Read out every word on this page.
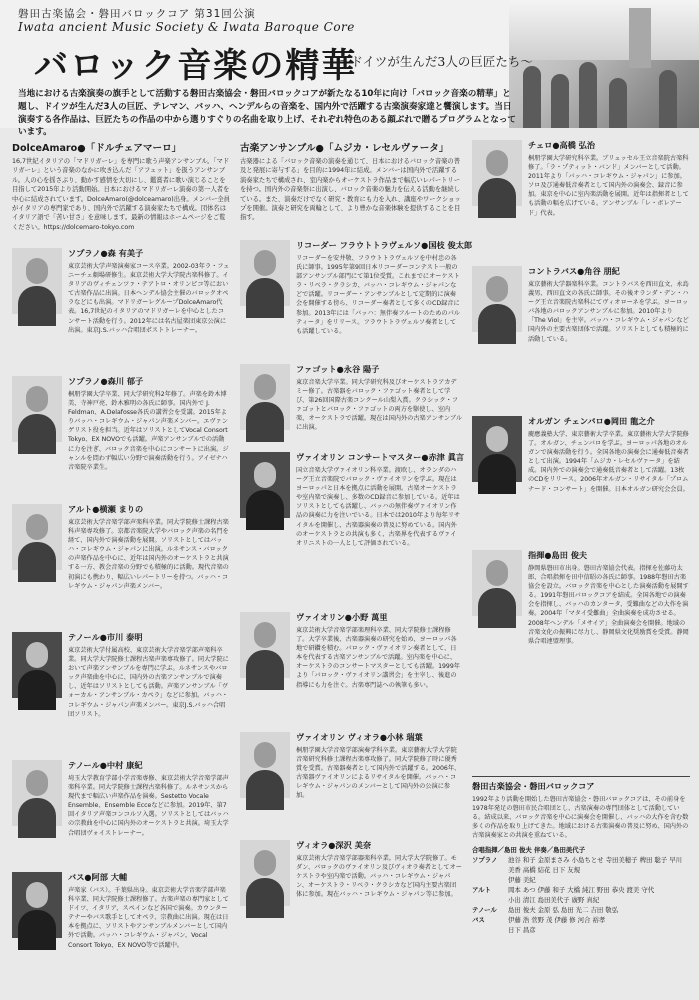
磐田古楽協会・磐田バロックコア 第31回公演
Iwata ancient Music Society & Iwata Baroque Core
バロック音楽の精華
～ドイツが生んだ3人の巨匠たち～
当地における古楽演奏の旗手として活動する磐田古楽協会・磐田バロックコアが新たなる10年に向け「バロック音楽の精華」と題し、ドイツが生んだ3人の巨匠、テレマン、バッハ、ヘンデルらの音楽を、国内外で活躍する古楽演奏家達と饗演します。当日演奏する各作品は、巨匠たちの作品の中から選りすぐりの名曲を取り上げ、それぞれ特色のある顔ぶれで贈るプログラムとなっています。
DolceAmaro●「ドルチェアマーロ」
16,7世紀イタリアの「マドリガーレ」を専門に歌う声楽アンサンブル。「マドリガーレ」という音楽のなかに吹き込んだ「アフェット」を扱うアンサンブル。人の心を揺さぶり、動かす感情を大切にし、鑑賞者に歌い演じることを目指して2015年より活動開始。日本におけるマドリガーレ演奏の第一人者を中心に結成されています。DolceAmaro(@dolceamaro)出身。メンバー全員がイタリアの専門家であり、国内外で活躍する演奏家たちで構成。団体名はイタリア語で「苦い甘さ」を意味します。最新の情報はホームページをご覧ください。https://dolcemaro-tokyo.com
ソプラノ●森 有美子
東京芸術大学声楽演奏家コース卒業。2002-03年ラ・フェニーチェ劇場研修生。東京芸術大学大学院古楽科修了。イタリアのヴィチェンツァ・テアトロ・オリンピコ等において古楽作品に出演。日本ヘンデル協会主催のバロックオペラなどにも出演。マドリガーレグループDolceAmaro代表。16,7世紀のイタリアのマドリガーレを中心としたコンサート活動を行う。2012年には名古屋楽団東京公演に出演。東京J.S.バッハ合唱団ポストトレーナー。
ソプラノ●森川 郁子
桐朋学園大学卒業、同大学研究科2年修了。声楽を鈴木博美、寺神戸亮、鈴木雅明の各氏に師事。国内外で J. Feldman、A.Delafosse各氏の講習会を受講。2015年よりバッハ・コレギウム・ジャパン声楽メンバー。エヴァンゲリスト役を担当。近年はソリストとしてVocal Consort Tokyo、EX NOVOでも活躍。声楽アンサンブルでの活動に力を注ぎ、バロック音楽を中心にコンサートに出演。ジャンルを問わず幅広い分野で演奏活動を行う。アイゼナハ音楽院卒業生。
アルト●横瀬 まりの
東京芸術大学音楽学部声楽科卒業。同大学院修士課程古楽科声楽専攻修了。京都音楽院大学やバロック声楽の名門を経て、国内外で演奏活動を展開。ソリストとしてはバッハ・コレギウム・ジャパンに出演。ルネサンス・バロックの声楽作品を中心に、近年は国内外のオーケストラと共演する一方、教会音楽の分野でも積極的に活動。現代音楽の初演にも携わり、幅広いレパートリーを持つ。バッハ・コレギウム・ジャパン声楽メンバー。
テノール●市川 泰明
東京芸術大学付属高校、東京芸術大学音楽学部声楽科卒業。同大学大学院修士課程古楽声楽専攻修了。同大学院において声楽アンサンブルを専門に学ぶ。ルネサンスやバロック声楽曲を中心に、国内外の古楽アンサンブルで演奏し、近年はソリストとしても活動。声楽アンサンブル「ヴォーカル・アンサンブル・カペラ」などに参加。バッハ・コレギウム・ジャパン声楽メンバー。東京J.S.バッハ合唱団ソリスト。
テノール●中村 康紀
埼玉大学教育学部小学音楽専修、東京芸術大学音楽学部声楽科卒業。同大学院修士課程古楽科修了。ルネサンスから現代まで幅広い声楽作品を演奏。Sestetto Vocale Ensemble、Ensemble Ecceなどに参加。2019年、第7回イタリア声楽コンコルソ入選。ソリストとしてはバッハの宗教曲を中心に国内外のオーケストラと共演。埼玉大学合唱団ヴォイストレーナー。
バス●阿部 大輔
声楽家（バス）。千葉県出身。東京芸術大学音楽学部声楽科卒業、同大学院修士課程修了。古楽声楽の専門家としてドイツ、イタリア、スペインなど各国で演奏。カウンターテナーやバス歌手としてオペラ、宗教曲に出演。現在は日本を拠点に、ソリストやアンサンブルメンバーとして国内外で活動。バッハ・コレギウム・ジャパン、Vocal Consort Tokyo、EX NOVO等で活躍中。
古楽アンサンブル●「ムジカ・レセルヴァータ」
古楽器による「バロック音楽の演奏を通じて、日本におけるバロック音楽の普及と発展に寄与する」を目的に1994年に結成。メンバーは国内外で活躍する演奏家たちで構成され、室内楽からオーケストラ作品まで幅広いレパートリーを持つ。国内外の音楽祭に出演し、バロック音楽の魅力を伝える活動を継続している。また、演奏だけでなく研究・教育にも力を入れ、講座やワークショップを開催。演奏と研究を両輪として、より豊かな音楽体験を提供することを目指す。
リコーダー フラウトトラヴェルソ●国枝 俊太郎
リコーダーを安井敬、フラウトトラヴェルソを中村忠の各氏に師事。1995年第9回日本リコーダーコンテスト一般の部アンサンブル部門にて第1位受賞。これまでにオーケストラ・リベラ・クラシカ、バッハ・コレギウム・ジャパンなどで活躍。リコーダー・アンサンブルとして定期的に演奏会を開催する傍ら、リコーダー奏者として多くのCD録音に参加。2013年には「バッハ：無伴奏フルートのためのパルティータ」をリリース。フラウトトラヴェルソ奏者としても活躍している。
ファゴット●永谷 陽子
東京音楽大学卒業。同大学研究科及びオーケストラアカデミー修了。古楽器をバロック・ファゴット奏者として学び、第26回国際古楽コンクール山梨入賞。クラシック・ファゴットとバロック・ファゴットの両方を駆使し、室内楽、オーケストラで活躍。現在は国内外の古楽アンサンブルに出演。
ヴァイオリン コンサートマスター●赤津 眞言
国立音楽大学ヴァイオリン科卒業。渡欧し、オランダのハーグ王立音楽院でバロック・ヴァイオリンを学ぶ。現在はヨーロッパと日本を拠点に活動を展開。古楽オーケストラや室内楽で演奏し、多数のCD録音に参加している。近年はソリストとしても活躍し、バッハの無伴奏ヴァイオリン作品の演奏に力を注いでいる。日本では2010年より毎年リサイタルを開催し、古楽器演奏の普及に努めている。国内外のオーケストラとの共演も多く、古楽界を代表するヴァイオリニストの一人として評価されている。
ヴァイオリン●小野 萬里
東京芸術大学音楽学部楽理科卒業、同大学院修士課程修了。大学卒業後、古楽器演奏の研究を始め、ヨーロッパ各地で研鑽を積む。バロック・ヴァイオリン奏者として、日本を代表する古楽アンサンブルで活躍。室内楽を中心に、オーケストラのコンサートマスターとしても活躍。1999年より「バロック・ヴァイオリン講習会」を主宰し、後進の指導にも力を注ぐ。古楽専門誌への執筆も多い。
ヴァイオリン ヴィオラ●小林 瑞葉
桐朋学園大学音楽学部演奏学科卒業。東京藝術大学大学院音楽研究科修士課程古楽専攻修了。同大学院修了時に優秀賞を受賞。古楽器奏者として国内外で活躍する。2006年、古楽器ヴァイオリンによるリサイタルを開催。バッハ・コレギウム・ジャパンのメンバーとして国内外の公演に参加。
ヴィオラ●深沢 美奈
東京芸術大学音楽学部器楽科卒業。同大学大学院修了。モダン、バロックのヴァイオリン及びヴィオラ奏者としてオーケストラや室内楽で活動。バッハ・コレギウム・ジャパン、オーケストラ・リベラ・クラシカなど国内主要古楽団体に参加。現在バッハ・コレギウム・ジャパン等に参加。
チェロ●高橋 弘治
桐朋学園大学研究科卒業。ブリュッセル王立音楽院古楽科修了。「ラ・プティット・バンド」メンバーとして活動。2011年より「バッハ・コレギウム・ジャパン」に参加。ソロ及び通奏低音奏者として国内外の演奏会、録音に参加。東京を中心に室内楽活動を展開。近年は指揮者としても活動の幅を広げている。アンサンブル「レ・ボレアード」代表。
コントラバス●角谷 朋紀
東京藝術大学器楽科卒業。コントラバスを西田直文、永島義男、西田直文の各氏に師事。その後オランダ・デン・ハーグ王立音楽院古楽科にてヴィオローネを学ぶ。ヨーロッパ各地のバロックアンサンブルに参加。2010年より「The Viol」を主宰。バッハ・コレギウム・ジャパンなど国内外の主要古楽団体で活躍。ソリストとしても積極的に活動している。
オルガン チェンバロ●岡田 龍之介
慶應義塾大学、東京藝術大学卒業。東京藝術大学大学院修了。オルガン、チェンバロを学ぶ。ヨーロッパ各地のオルガンで演奏活動を行う。全国各地の演奏会に通奏低音奏者として出演。1994年「ムジカ・レセルヴァータ」を結成。国内外での演奏会で通奏低音奏者として活躍。13枚のCDをリリース。2006年オルガン・リサイタル「プロムナード・コンサート」を開催。日本オルガン研究会会員。
指揮●島田 俊夫
静岡県磐田市出身。磐田古楽協会代表。指揮を佐藤功太郎、合唱指揮を田中信昭の各氏に師事。1988年磐田古楽協会を設立。バロック音楽を中心とした演奏活動を展開する。1991年磐田バロックコアを結成。全国各地での演奏会を指揮し、バッハのカンタータ、受難曲などの大作を演奏。2004年「マタイ受難曲」全曲演奏を成功させる。2008年ヘンデル「メサイア」全曲演奏会を開催。地域の音楽文化の振興に尽力し、静岡県文化奨励賞を受賞。静岡県合唱連盟理事。
磐田古楽協会・磐田バロックコア
1992年より活動を開始した磐田古楽協会・磐田バロックコアは、その前身を1978年発足の磐田市民合唱団とし、古楽演奏の専門団体として活動している。結成以来、バロック音楽を中心に演奏会を開催し、バッハの大作を含む数多くの作品を取り上げてきた。地域における古楽演奏の普及に努め、国内外の古楽演奏家との共演を重ねている。
合唱指揮／島田 俊夫 伴奏／島田美代子
ソプラノ	池谷 和子 金原まさみ 小島ちとせ 寺田美穂子 稗田 聡子 早川 美香 高橋 結花 日下 友規
伊藤 美紀
アルト	岡本 あつ 伊藤 和子 大橋 純江 野田 恭央 渡美 守代
小出 清江 島田美代子 廣野 真紀
テノール	島田 俊夫 金原 弘 島田 光二 吉田 敬弘
バス	伊藤 浩 菅野 茂 伊藤 修 河合 裕孝
日下 昌彦
